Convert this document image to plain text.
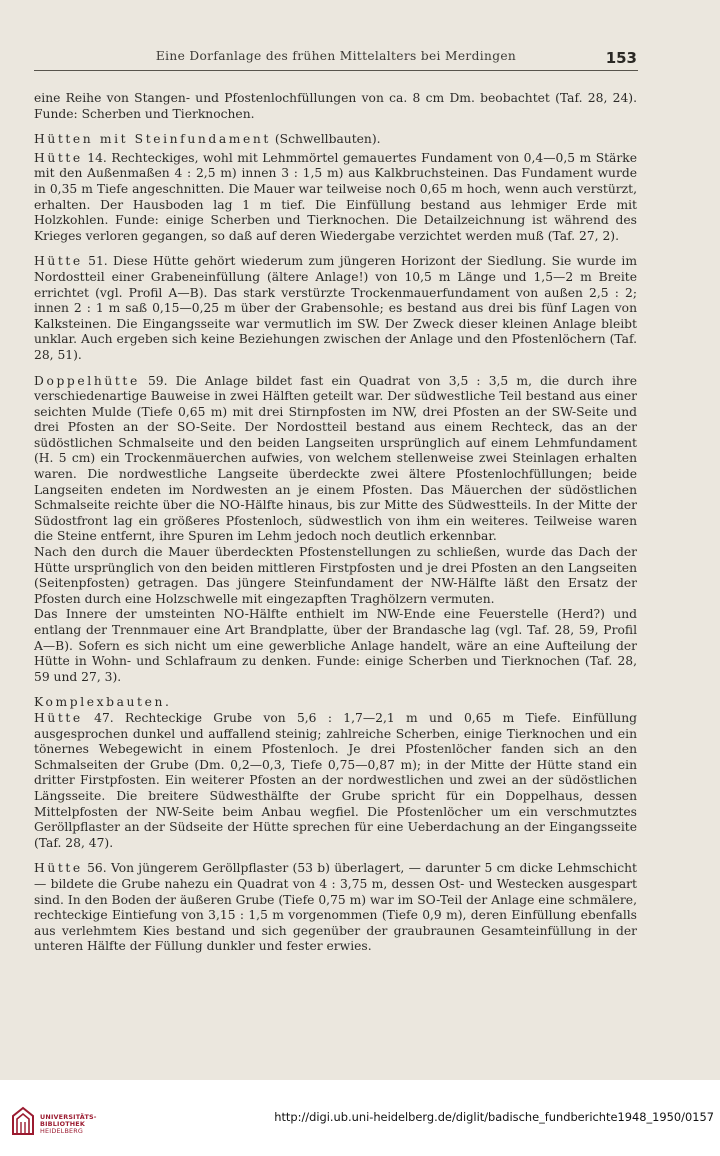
Eine Dorfanlage des frühen Mittelalters bei Merdingen	153

eine Reihe von Stangen- und Pfostenlochfüllungen von ca. 8 cm Dm. beobachtet (Taf. 28, 24). Funde: Scherben und Tierknochen.

Hütten mit Steinfundament (Schwellbauten).

Hütte 14. Rechteckiges, wohl mit Lehmmörtel gemauertes Fundament von 0,4—0,5 m Stärke mit den Außenmaßen 4 : 2,5 m) innen 3 : 1,5 m) aus Kalkbruchsteinen. Das Fundament wurde in 0,35 m Tiefe angeschnitten. Die Mauer war teilweise noch 0,65 m hoch, wenn auch verstürzt, erhalten. Der Hausboden lag 1 m tief. Die Einfüllung bestand aus lehmiger Erde mit Holzkohlen. Funde: einige Scherben und Tierknochen. Die Detailzeichnung ist während des Krieges verloren gegangen, so daß auf deren Wiedergabe verzichtet werden muß (Taf. 27, 2).

Hütte 51. Diese Hütte gehört wiederum zum jüngeren Horizont der Siedlung. Sie wurde im Nordostteil einer Grabeneinfüllung (ältere Anlage!) von 10,5 m Länge und 1,5—2 m Breite errichtet (vgl. Profil A—B). Das stark verstürzte Trockenmauerfundament von außen 2,5 : 2; innen 2 : 1 m saß 0,15—0,25 m über der Grabensohle; es bestand aus drei bis fünf Lagen von Kalksteinen. Die Eingangsseite war vermutlich im SW. Der Zweck dieser kleinen Anlage bleibt unklar. Auch ergeben sich keine Beziehungen zwischen der Anlage und den Pfostenlöchern (Taf. 28, 51).

Doppelhütte 59. Die Anlage bildet fast ein Quadrat von 3,5 : 3,5 m, die durch ihre verschiedenartige Bauweise in zwei Hälften geteilt war. Der südwestliche Teil bestand aus einer seichten Mulde (Tiefe 0,65 m) mit drei Stirnpfosten im NW, drei Pfosten an der SW-Seite und drei Pfosten an der SO-Seite. Der Nordostteil bestand aus einem Rechteck, das an der südöstlichen Schmalseite und den beiden Langseiten ursprünglich auf einem Lehmfundament (H. 5 cm) ein Trockenmäuerchen aufwies, von welchem stellenweise zwei Steinlagen erhalten waren. Die nordwestliche Langseite überdeckte zwei ältere Pfostenlochfüllungen; beide Langseiten endeten im Nordwesten an je einem Pfosten. Das Mäuerchen der südöstlichen Schmalseite reichte über die NO-Hälfte hinaus, bis zur Mitte des Südwestteils. In der Mitte der Südostfront lag ein größeres Pfostenloch, südwestlich von ihm ein weiteres. Teilweise waren die Steine entfernt, ihre Spuren im Lehm jedoch noch deutlich erkennbar.

Nach den durch die Mauer überdeckten Pfostenstellungen zu schließen, wurde das Dach der Hütte ursprünglich von den beiden mittleren Firstpfosten und je drei Pfosten an den Langseiten (Seitenpfosten) getragen. Das jüngere Steinfundament der NW-Hälfte läßt den Ersatz der Pfosten durch eine Holzschwelle mit eingezapften Traghölzern vermuten.

Das Innere der umsteinten NO-Hälfte enthielt im NW-Ende eine Feuerstelle (Herd?) und entlang der Trennmauer eine Art Brandplatte, über der Brandasche lag (vgl. Taf. 28, 59, Profil A—B). Sofern es sich nicht um eine gewerbliche Anlage handelt, wäre an eine Aufteilung der Hütte in Wohn- und Schlafraum zu denken. Funde: einige Scherben und Tierknochen (Taf. 28, 59 und 27, 3).

Komplexbauten.

Hütte 47. Rechteckige Grube von 5,6 : 1,7—2,1 m und 0,65 m Tiefe. Einfüllung ausgesprochen dunkel und auffallend steinig; zahlreiche Scherben, einige Tierknochen und ein tönernes Webegewicht in einem Pfostenloch. Je drei Pfostenlöcher fanden sich an den Schmalseiten der Grube (Dm. 0,2—0,3, Tiefe 0,75—0,87 m); in der Mitte der Hütte stand ein dritter Firstpfosten. Ein weiterer Pfosten an der nordwestlichen und zwei an der südöstlichen Längsseite. Die breitere Südwesthälfte der Grube spricht für ein Doppelhaus, dessen Mittelpfosten der NW-Seite beim Anbau wegfiel. Die Pfostenlöcher um ein verschmutztes Geröllpflaster an der Südseite der Hütte sprechen für eine Ueberdachung an der Eingangsseite (Taf. 28, 47).

Hütte 56. Von jüngerem Geröllpflaster (53 b) überlagert, — darunter 5 cm dicke Lehmschicht — bildete die Grube nahezu ein Quadrat von 4 : 3,75 m, dessen Ost- und Westecken ausgespart sind. In den Boden der äußeren Grube (Tiefe 0,75 m) war im SO-Teil der Anlage eine schmälere, rechteckige Eintiefung von 3,15 : 1,5 m vorgenommen (Tiefe 0,9 m), deren Einfüllung ebenfalls aus verlehmtem Kies bestand und sich gegenüber der graubraunen Gesamteinfüllung in der unteren Hälfte der Füllung dunkler und fester erwies.

UNIVERSITÄTS-
BIBLIOTHEK
HEIDELBERG
http://digi.ub.uni-heidelberg.de/diglit/badische_fundberichte1948_1950/0157
